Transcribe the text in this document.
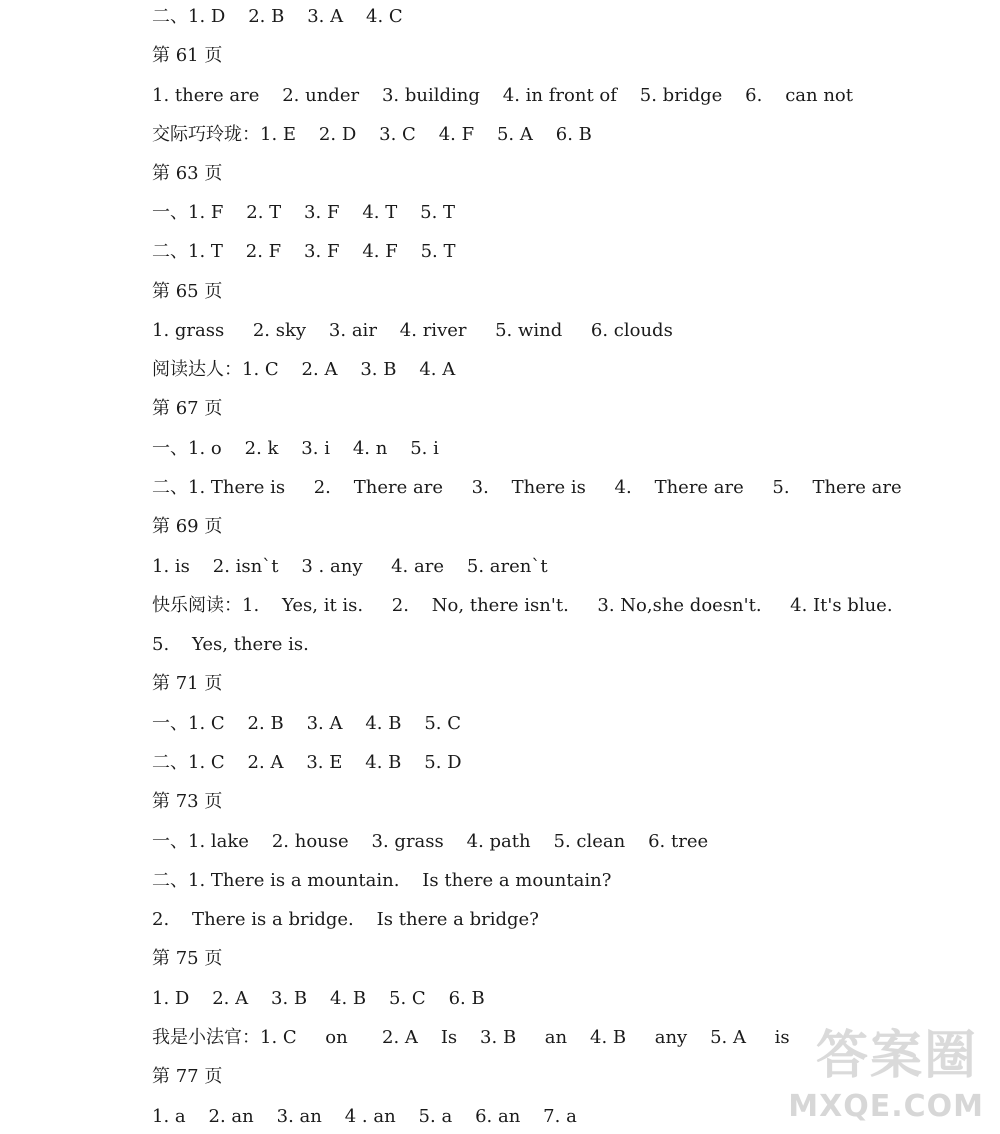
二、1. D    2. B    3. A    4. C
第 61 页
1. there are    2. under    3. building    4. in front of    5. bridge    6.    can not
交际巧玲珑：1. E    2. D    3. C    4. F    5. A    6. B
第 63 页
一、1. F    2. T    3. F    4. T    5. T
二、1. T    2. F    3. F    4. F    5. T
第 65 页
1. grass     2. sky    3. air    4. river     5. wind     6. clouds
阅读达人：1. C    2. A    3. B    4. A
第 67 页
一、1. o    2. k    3. i    4. n    5. i
二、1. There is     2.    There are     3.    There is     4.    There are     5.    There are
第 69 页
1. is    2. isn`t    3 . any     4. are    5. aren`t
快乐阅读：1.    Yes, it is.     2.    No, there isn't.     3. No,she doesn't.     4. It's blue.
5.    Yes, there is.
第 71 页
一、1. C    2. B    3. A    4. B    5. C
二、1. C    2. A    3. E    4. B    5. D
第 73 页
一、1. lake    2. house    3. grass    4. path    5. clean    6. tree
二、1. There is a mountain.    Is there a mountain?
2.    There is a bridge.    Is there a bridge?
第 75 页
1. D    2. A    3. B    4. B    5. C    6. B
我是小法官：1. C     on      2. A    Is    3. B     an    4. B     any    5. A     is
第 77 页
1. a    2. an    3. an    4 . an    5. a    6. an    7. a
答案圈
MXQE.COM
